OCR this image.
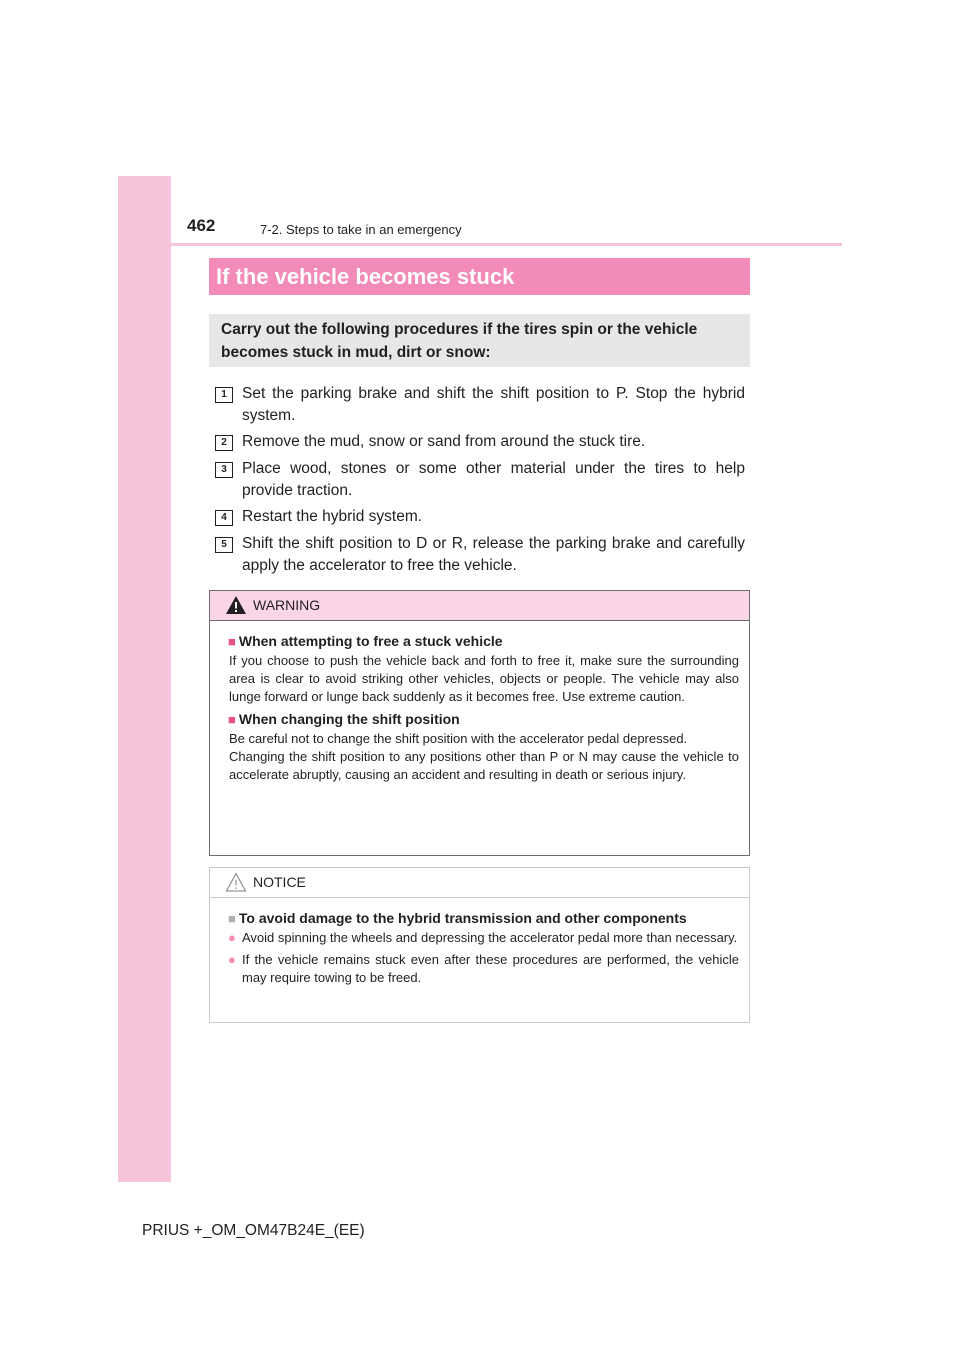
462	7-2. Steps to take in an emergency
If the vehicle becomes stuck
Carry out the following procedures if the tires spin or the vehicle becomes stuck in mud, dirt or snow:
1 Set the parking brake and shift the shift position to P. Stop the hybrid system.
2 Remove the mud, snow or sand from around the stuck tire.
3 Place wood, stones or some other material under the tires to help provide traction.
4 Restart the hybrid system.
5 Shift the shift position to D or R, release the parking brake and carefully apply the accelerator to free the vehicle.
WARNING
■ When attempting to free a stuck vehicle
If you choose to push the vehicle back and forth to free it, make sure the surrounding area is clear to avoid striking other vehicles, objects or people. The vehicle may also lunge forward or lunge back suddenly as it becomes free. Use extreme caution.
■ When changing the shift position
Be careful not to change the shift position with the accelerator pedal depressed.
Changing the shift position to any positions other than P or N may cause the vehicle to accelerate abruptly, causing an accident and resulting in death or serious injury.
NOTICE
■ To avoid damage to the hybrid transmission and other components
● Avoid spinning the wheels and depressing the accelerator pedal more than necessary.
● If the vehicle remains stuck even after these procedures are performed, the vehicle may require towing to be freed.
PRIUS +_OM_OM47B24E_(EE)
